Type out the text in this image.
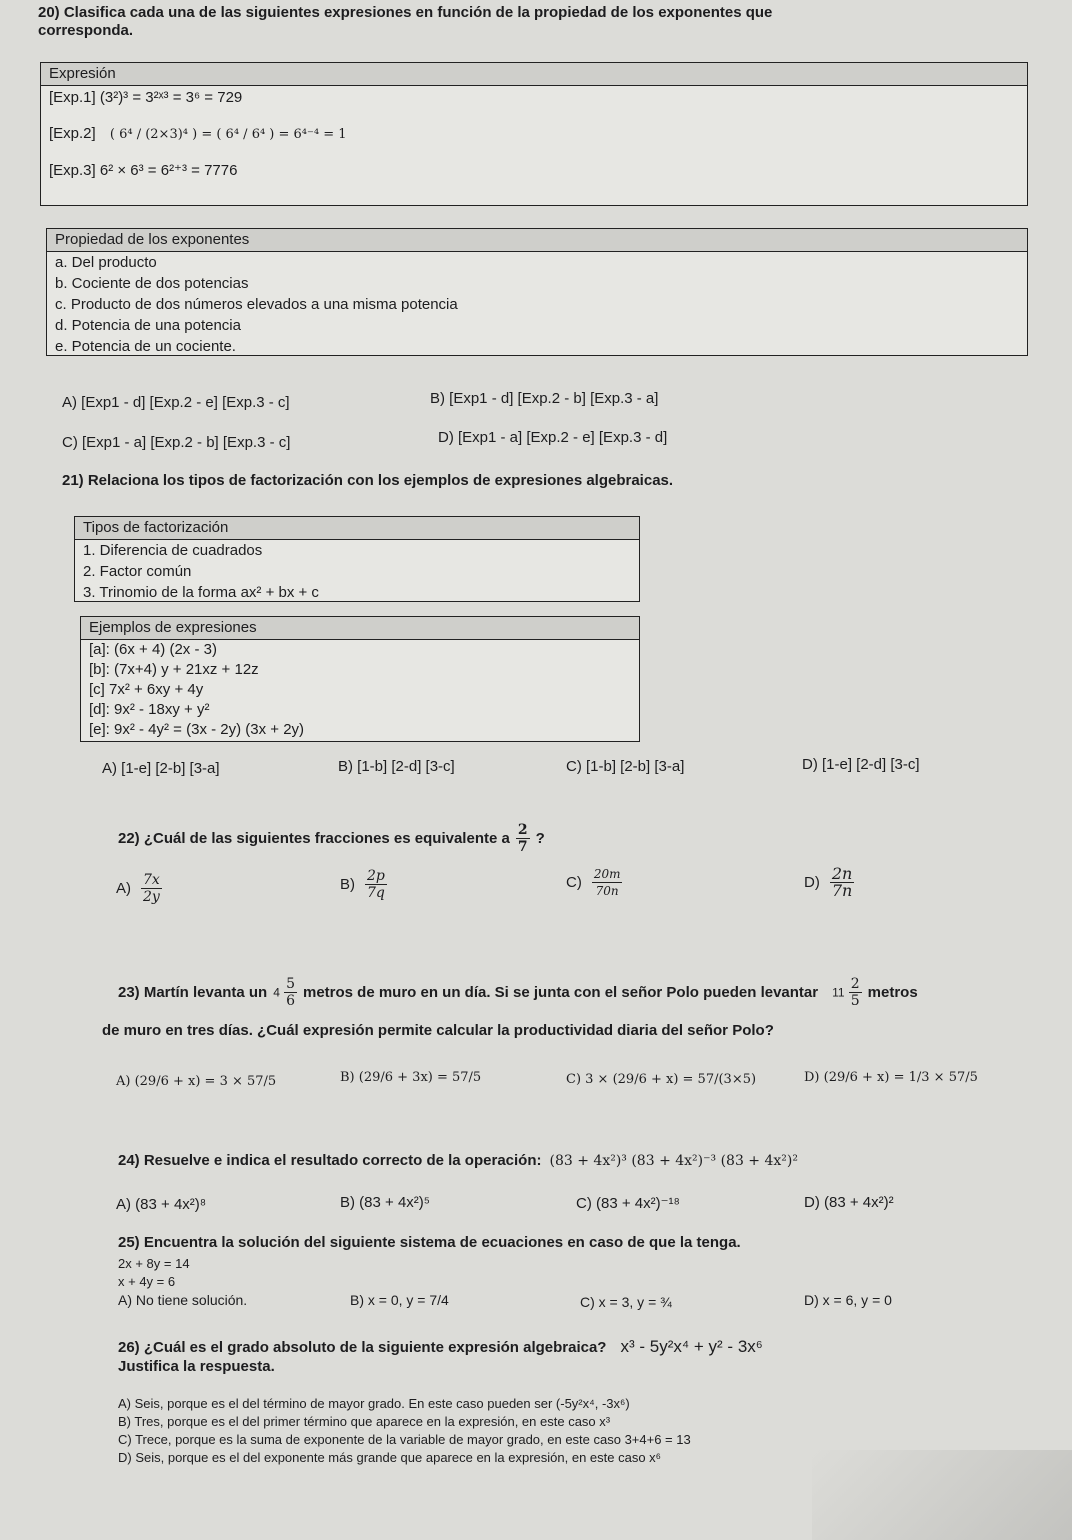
20) Clasifica cada una de las siguientes expresiones en función de la propiedad de los exponentes que
corresponda.
Expresión
[Exp.1] (3²)³ = 3²ˣ³ = 3⁶ = 729
[Exp.2] ( 6⁴ / (2×3)⁴ ) = ( 6⁴ / 6⁴ ) = 6⁴⁻⁴ = 1
[Exp.3] 6² × 6³ = 6²⁺³ = 7776
Propiedad de los exponentes
a. Del producto
b. Cociente de dos potencias
c. Producto de dos números elevados a una misma potencia
d. Potencia de una potencia
e. Potencia de un cociente.
A) [Exp1 - d] [Exp.2 - e] [Exp.3 - c]	B) [Exp1 - d] [Exp.2 - b] [Exp.3 - a]
C) [Exp1 - a] [Exp.2 - b] [Exp.3 - c]	D) [Exp1 - a] [Exp.2 - e] [Exp.3 - d]
21) Relaciona los tipos de factorización con los ejemplos de expresiones algebraicas.
Tipos de factorización
1. Diferencia de cuadrados
2. Factor común
3. Trinomio de la forma ax² + bx + c
Ejemplos de expresiones
[a]: (6x + 4) (2x - 3)
[b]: (7x+4) y + 21xz + 12z
[c] 7x² + 6xy + 4y
[d]: 9x² - 18xy + y²
[e]: 9x² - 4y² = (3x - 2y) (3x + 2y)
A) [1-e] [2-b] [3-a]	B) [1-b] [2-d] [3-c]	C) [1-b] [2-b] [3-a]	D) [1-e] [2-d] [3-c]
22) ¿Cuál de las siguientes fracciones es equivalente a $\frac{2}{7}$ ?
$A) \frac{7x}{2y}$	$B) \frac{2p}{7q}$	$C) \frac{20m}{70n}$	$D) \frac{2n}{7n}$
23) Martín levanta un $4 \frac{5}{6}$ metros de muro en un día. Si se junta con el señor Polo pueden levantar $11 \frac{2}{5}$ metros
de muro en tres días. ¿Cuál expresión permite calcular la productividad diaria del señor Polo?
A) (29/6 + x) = 3 × 57/5	B) (29/6 + 3x) = 57/5	C) 3 × (29/6 + x) = 57/(3×5)	D) (29/6 + x) = 1/3 × 57/5
24) Resuelve e indica el resultado correcto de la operación: (83 + 4x²)³ (83 + 4x²)⁻³ (83 + 4x²)²
A) (83 + 4x²)⁸	B) (83 + 4x²)⁵	C) (83 + 4x²)⁻¹⁸	D) (83 + 4x²)²
25) Encuentra la solución del siguiente sistema de ecuaciones en caso de que la tenga.
2x + 8y = 14
x + 4y = 6
A) No tiene solución.	B) x = 0, y = 7/4	C) x = 3, y = ¾	D) x = 6, y = 0
26) ¿Cuál es el grado absoluto de la siguiente expresión algebraica? x³ - 5y²x⁴ + y² - 3x⁶
Justifica la respuesta.
A) Seis, porque es el del término de mayor grado. En este caso pueden ser (-5y²x⁴, -3x⁶)
B) Tres, porque es el del primer término que aparece en la expresión, en este caso x³
C) Trece, porque es la suma de exponente de la variable de mayor grado, en este caso 3+4+6 = 13
D) Seis, porque es el del exponente más grande que aparece en la expresión, en este caso x⁶
